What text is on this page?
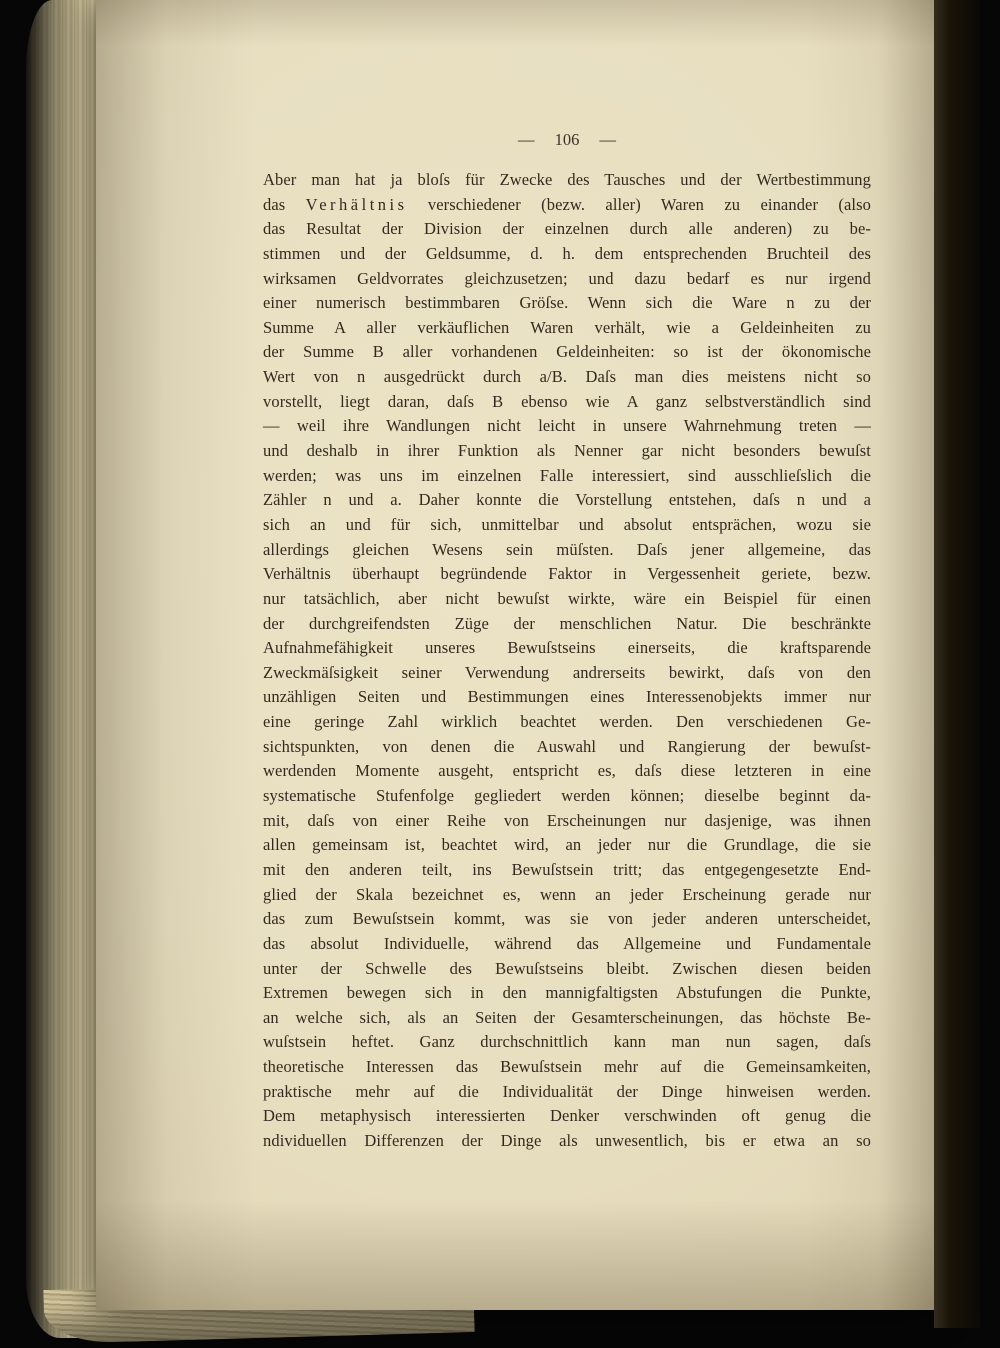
— 106 —
Aber man hat ja bloſs für Zwecke des Tausches und der Wertbestimmung
das Verhältnis verschiedener (bezw. aller) Waren zu einander (also
das Resultat der Division der einzelnen durch alle anderen) zu be-
stimmen und der Geldsumme, d. h. dem entsprechenden Bruchteil des
wirksamen Geldvorrates gleichzusetzen; und dazu bedarf es nur irgend
einer numerisch bestimmbaren Gröſse. Wenn sich die Ware n zu der
Summe A aller verkäuflichen Waren verhält, wie a Geldeinheiten zu
der Summe B aller vorhandenen Geldeinheiten: so ist der ökonomische
Wert von n ausgedrückt durch a/B. Daſs man dies meistens nicht so
vorstellt, liegt daran, daſs B ebenso wie A ganz selbstverständlich sind
— weil ihre Wandlungen nicht leicht in unsere Wahrnehmung treten —
und deshalb in ihrer Funktion als Nenner gar nicht besonders bewuſst
werden; was uns im einzelnen Falle interessiert, sind ausschlieſslich die
Zähler n und a. Daher konnte die Vorstellung entstehen, daſs n und a
sich an und für sich, unmittelbar und absolut entsprächen, wozu sie
allerdings gleichen Wesens sein müſsten. Daſs jener allgemeine, das
Verhältnis überhaupt begründende Faktor in Vergessenheit geriete, bezw.
nur tatsächlich, aber nicht bewuſst wirkte, wäre ein Beispiel für einen
der durchgreifendsten Züge der menschlichen Natur. Die beschränkte
Aufnahmefähigkeit unseres Bewuſstseins einerseits, die kraftsparende
Zweckmäſsigkeit seiner Verwendung andrerseits bewirkt, daſs von den
unzähligen Seiten und Bestimmungen eines Interessenobjekts immer nur
eine geringe Zahl wirklich beachtet werden. Den verschiedenen Ge-
sichtspunkten, von denen die Auswahl und Rangierung der bewuſst-
werdenden Momente ausgeht, entspricht es, daſs diese letzteren in eine
systematische Stufenfolge gegliedert werden können; dieselbe beginnt da-
mit, daſs von einer Reihe von Erscheinungen nur dasjenige, was ihnen
allen gemeinsam ist, beachtet wird, an jeder nur die Grundlage, die sie
mit den anderen teilt, ins Bewuſstsein tritt; das entgegengesetzte End-
glied der Skala bezeichnet es, wenn an jeder Erscheinung gerade nur
das zum Bewuſstsein kommt, was sie von jeder anderen unterscheidet,
das absolut Individuelle, während das Allgemeine und Fundamentale
unter der Schwelle des Bewuſstseins bleibt. Zwischen diesen beiden
Extremen bewegen sich in den mannigfaltigsten Abstufungen die Punkte,
an welche sich, als an Seiten der Gesamterscheinungen, das höchste Be-
wuſstsein heftet. Ganz durchschnittlich kann man nun sagen, daſs
theoretische Interessen das Bewuſstsein mehr auf die Gemeinsamkeiten,
praktische mehr auf die Individualität der Dinge hinweisen werden.
Dem metaphysisch interessierten Denker verschwinden oft genug die
ndividuellen Differenzen der Dinge als unwesentlich, bis er etwa an so
